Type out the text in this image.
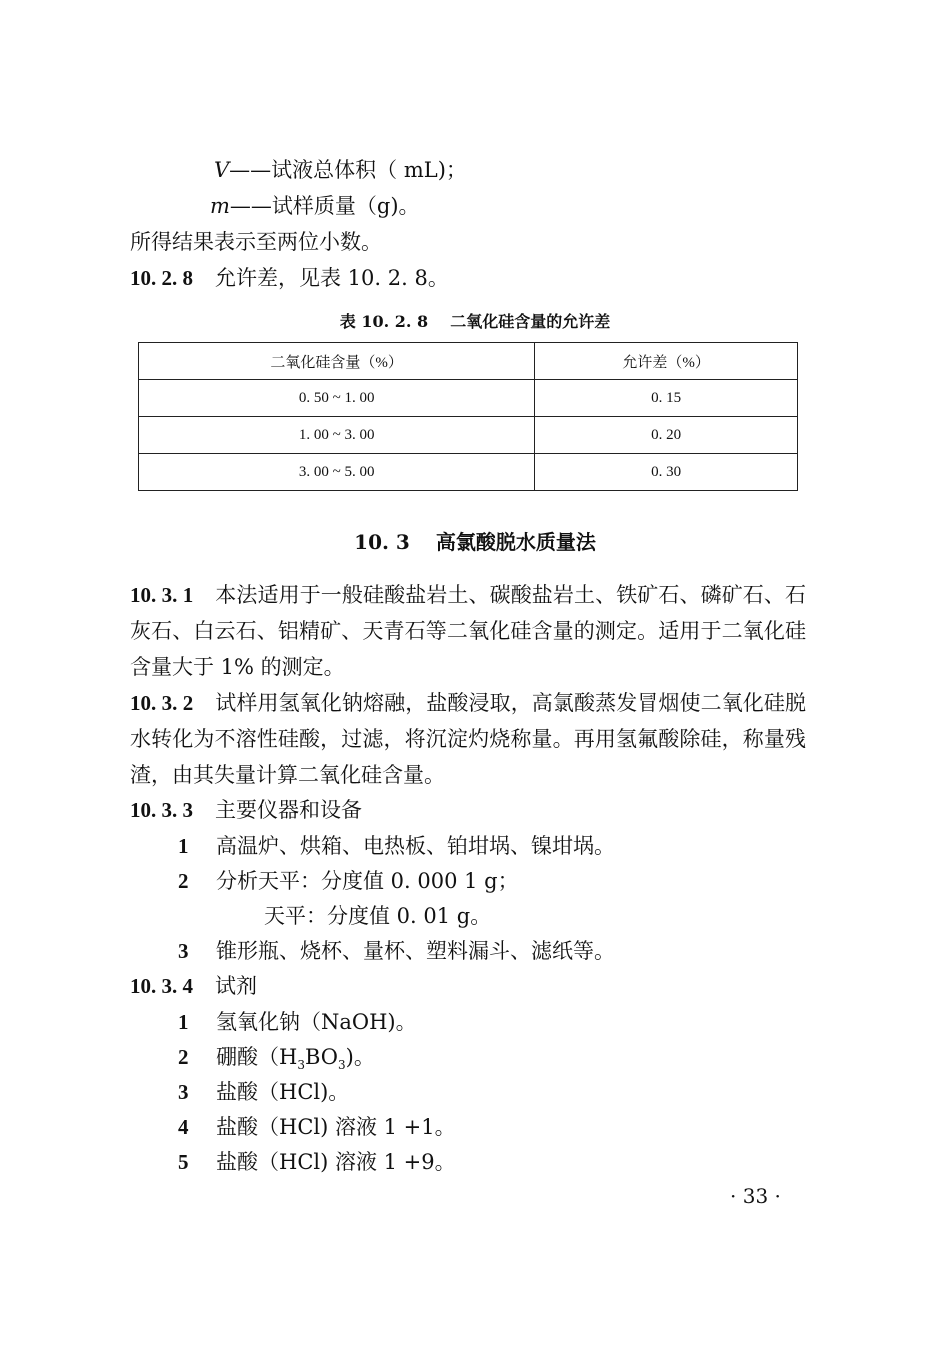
V——试液总体积（ mL)；
m——试样质量（g)。
所得结果表示至两位小数。
10. 2. 8 允许差，见表 10. 2. 8。
表 10. 2. 8 二氧化硅含量的允许差
二氧化硅含量（%）	允许差（%）
0. 50 ~ 1. 00	0. 15
1. 00 ~ 3. 00	0. 20
3. 00 ~ 5. 00	0. 30
10. 3 高氯酸脱水质量法
10. 3. 1 本法适用于一般硅酸盐岩土、碳酸盐岩土、铁矿石、磷矿石、石灰石、白云石、铝精矿、天青石等二氧化硅含量的测定。适用于二氧化硅含量大于 1% 的测定。
10. 3. 2 试样用氢氧化钠熔融，盐酸浸取，高氯酸蒸发冒烟使二氧化硅脱水转化为不溶性硅酸，过滤，将沉淀灼烧称量。再用氢氟酸除硅，称量残渣，由其失量计算二氧化硅含量。
10. 3. 3 主要仪器和设备
1 高温炉、烘箱、电热板、铂坩埚、镍坩埚。
2 分析天平：分度值 0. 000 1 g；
天平：分度值 0. 01 g。
3 锥形瓶、烧杯、量杯、塑料漏斗、滤纸等。
10. 3. 4 试剂
1 氢氧化钠（NaOH)。
2 硼酸$(H_3BO_3)$。
3 盐酸（HCl)。
4 盐酸（HCl) 溶液 1 +1。
5 盐酸（HCl) 溶液 1 +9。
· 33 ·
